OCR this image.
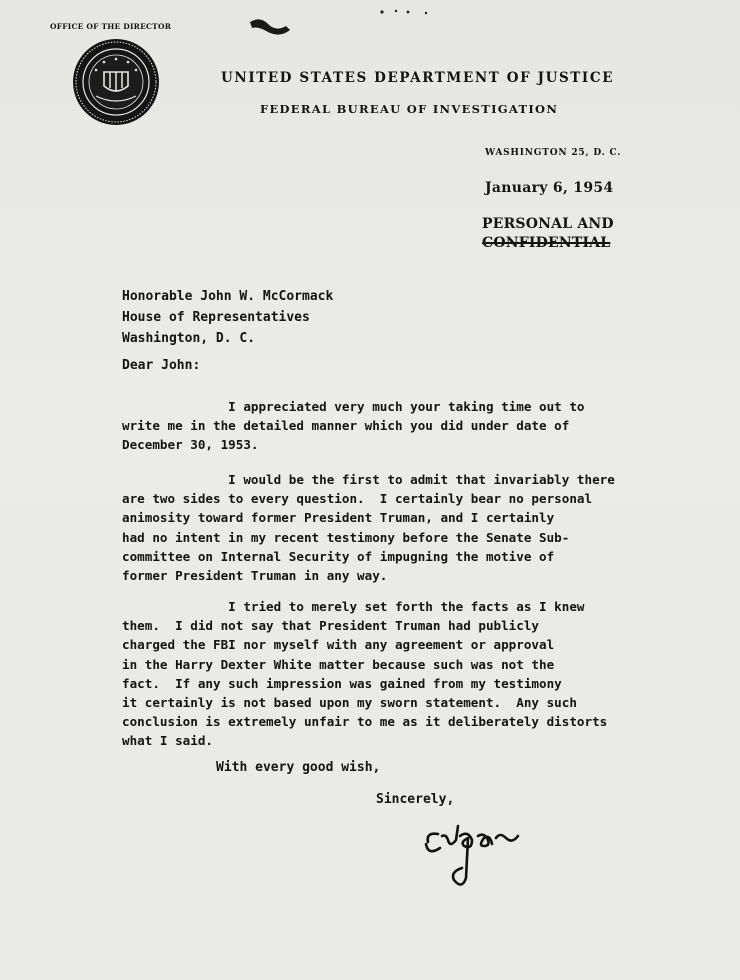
OFFICE OF THE DIRECTOR
UNITED STATES DEPARTMENT OF JUSTICE
FEDERAL BUREAU OF INVESTIGATION
WASHINGTON 25, D. C.
January 6, 1954
PERSONAL AND
CONFIDENTIAL
Honorable John W. McCormack
House of Representatives
Washington, D. C.
Dear John:
I appreciated very much your taking time out to
write me in the detailed manner which you did under date of
December 30, 1953.
I would be the first to admit that invariably there
are two sides to every question.  I certainly bear no personal
animosity toward former President Truman, and I certainly
had no intent in my recent testimony before the Senate Sub-
committee on Internal Security of impugning the motive of
former President Truman in any way.
I tried to merely set forth the facts as I knew
them.  I did not say that President Truman had publicly
charged the FBI nor myself with any agreement or approval
in the Harry Dexter White matter because such was not the
fact.  If any such impression was gained from my testimony
it certainly is not based upon my sworn statement.  Any such
conclusion is extremely unfair to me as it deliberately distorts
what I said.
With every good wish,
Sincerely,
